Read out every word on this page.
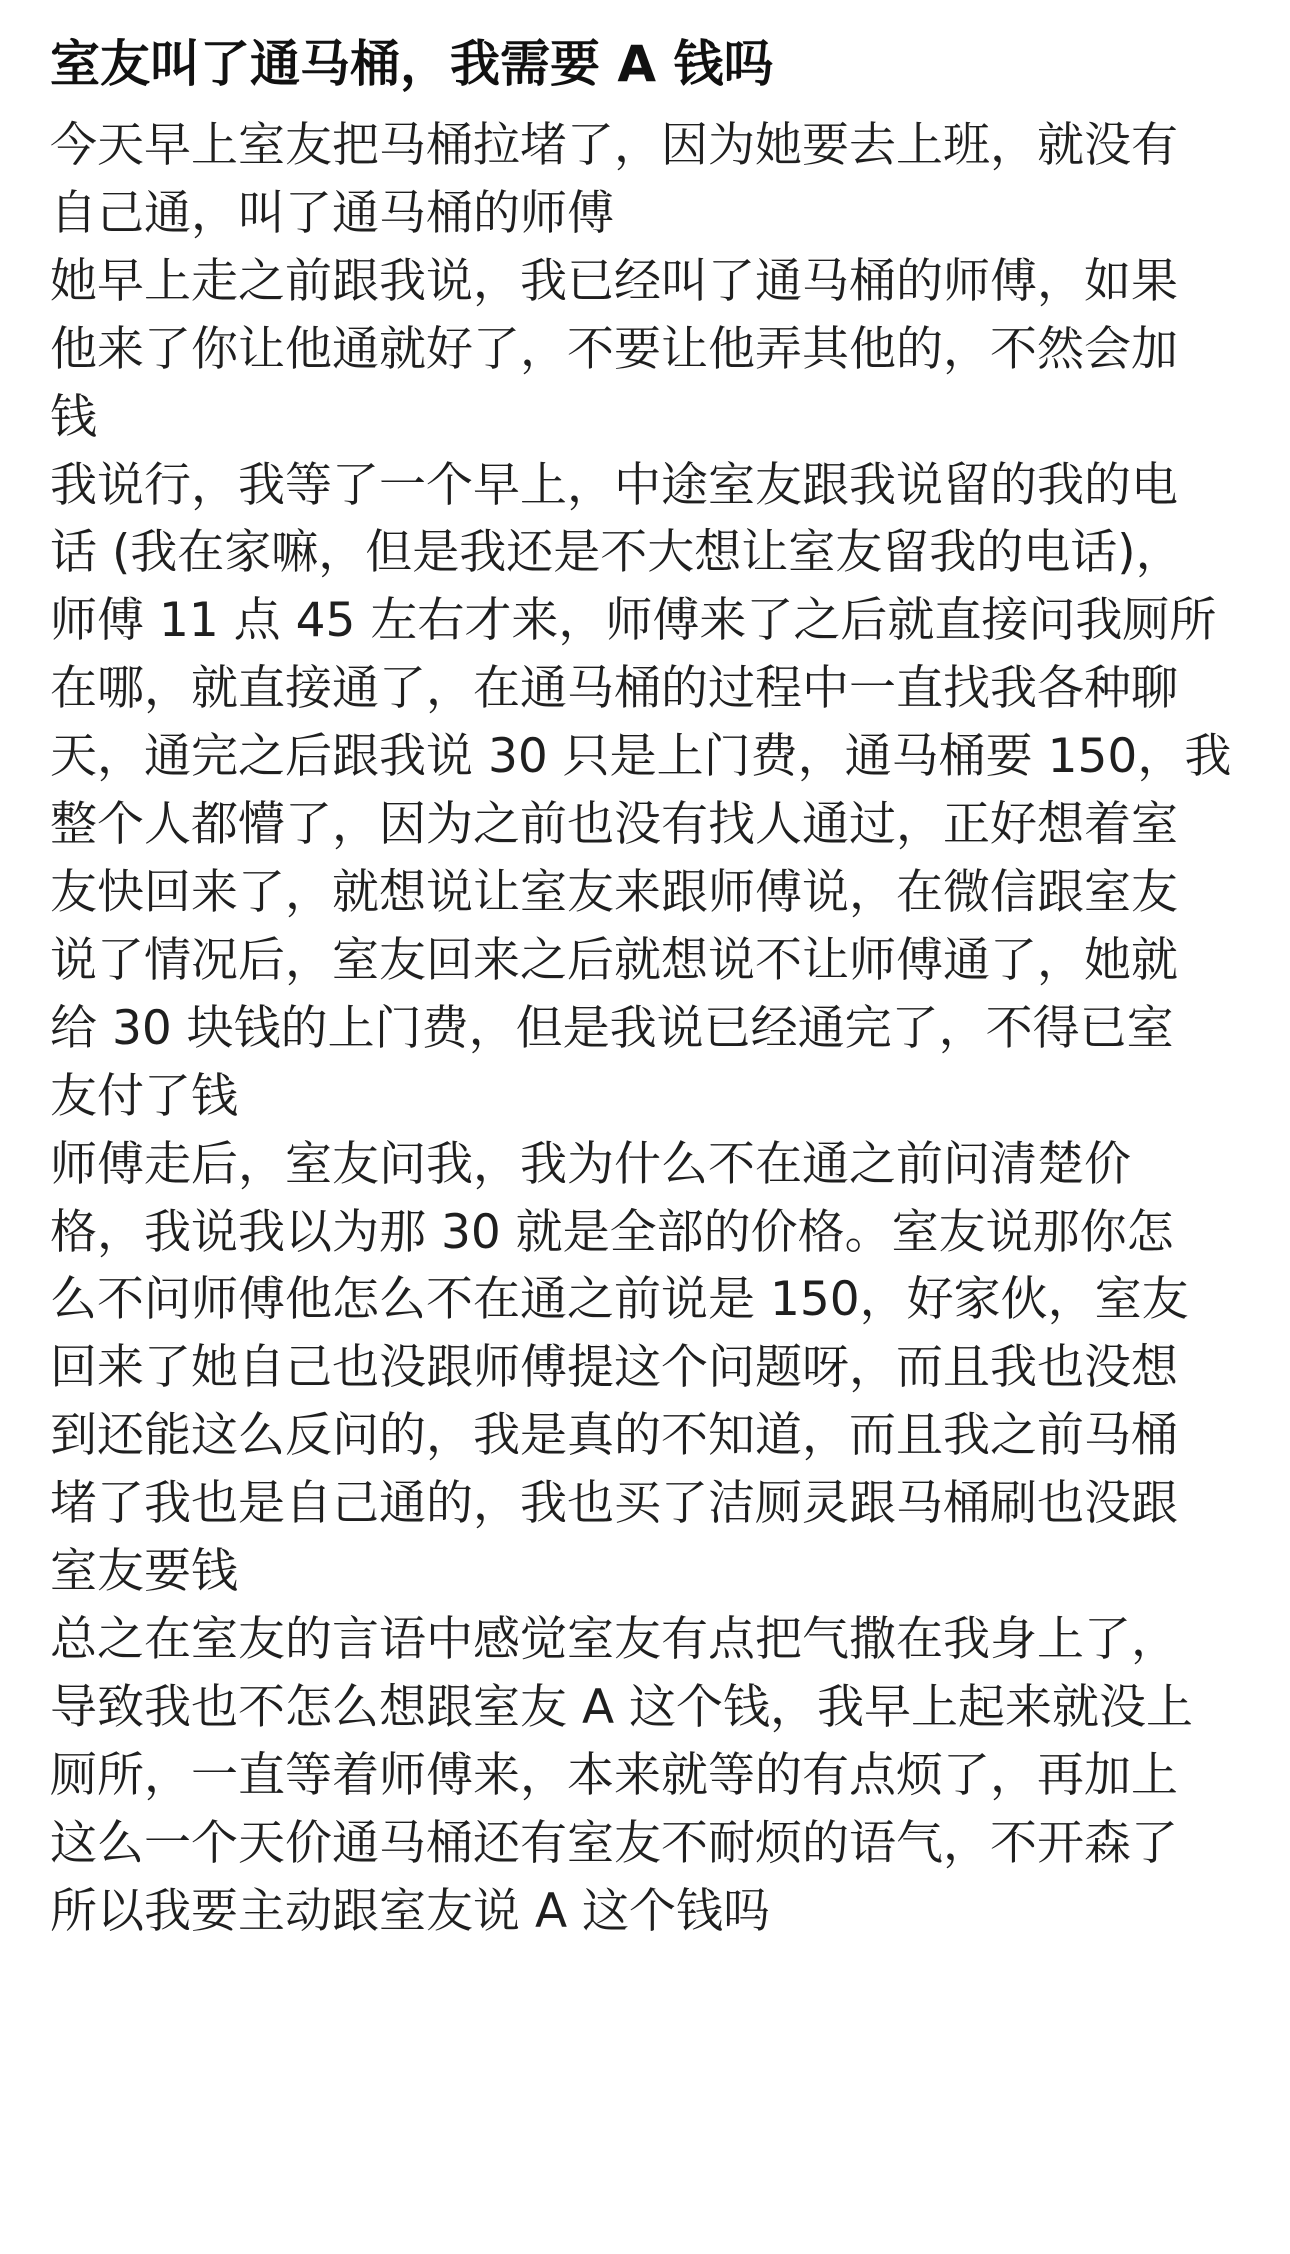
室友叫了通马桶，我需要 A 钱吗
今天早上室友把马桶拉堵了，因为她要去上班，就没有
自己通，叫了通马桶的师傅
她早上走之前跟我说，我已经叫了通马桶的师傅，如果
他来了你让他通就好了，不要让他弄其他的，不然会加
钱
我说行，我等了一个早上，中途室友跟我说留的我的电
话 (我在家嘛，但是我还是不大想让室友留我的电话)，
师傅 11 点 45 左右才来，师傅来了之后就直接问我厕所
在哪，就直接通了，在通马桶的过程中一直找我各种聊
天，通完之后跟我说 30 只是上门费，通马桶要 150，我
整个人都懵了，因为之前也没有找人通过，正好想着室
友快回来了，就想说让室友来跟师傅说，在微信跟室友
说了情况后，室友回来之后就想说不让师傅通了，她就
给 30 块钱的上门费，但是我说已经通完了，不得已室
友付了钱
师傅走后，室友问我，我为什么不在通之前问清楚价
格，我说我以为那 30 就是全部的价格。室友说那你怎
么不问师傅他怎么不在通之前说是 150，好家伙，室友
回来了她自己也没跟师傅提这个问题呀，而且我也没想
到还能这么反问的，我是真的不知道，而且我之前马桶
堵了我也是自己通的，我也买了洁厕灵跟马桶刷也没跟
室友要钱
总之在室友的言语中感觉室友有点把气撒在我身上了，
导致我也不怎么想跟室友 A 这个钱，我早上起来就没上
厕所，一直等着师傅来，本来就等的有点烦了，再加上
这么一个天价通马桶还有室友不耐烦的语气，不开森了
所以我要主动跟室友说 A 这个钱吗
